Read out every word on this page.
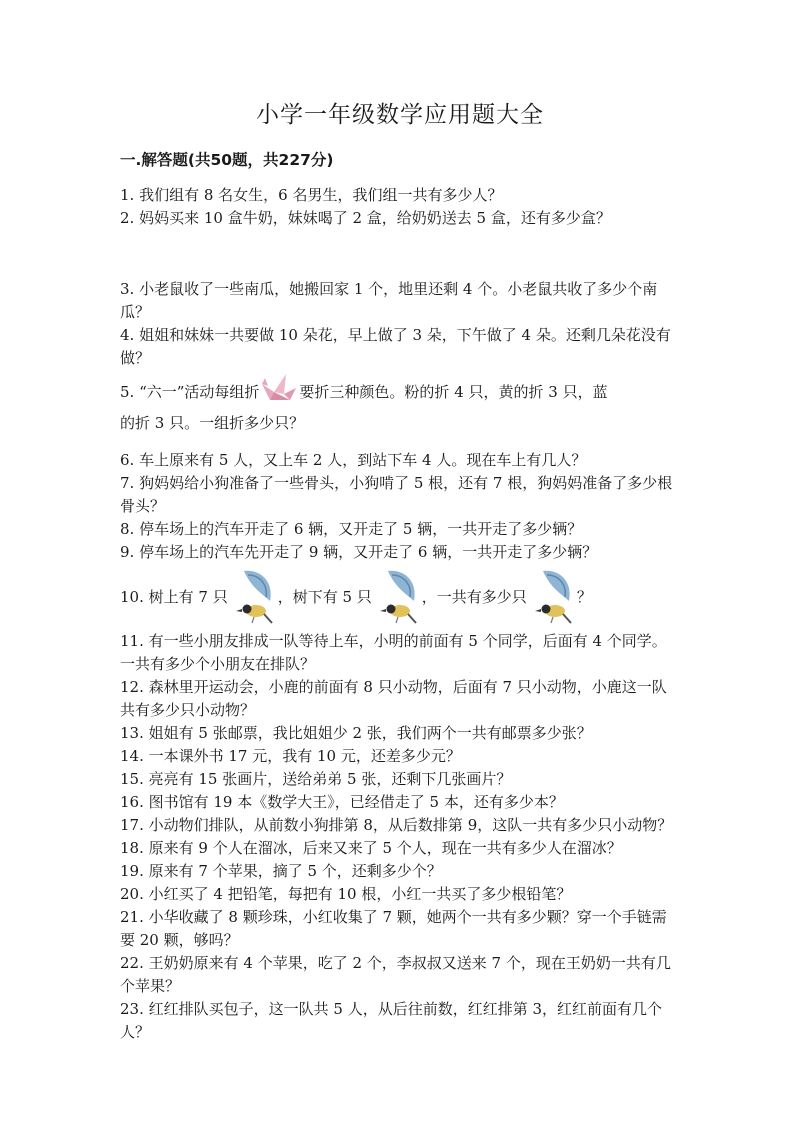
小学一年级数学应用题大全
一.解答题(共50题，共227分)

1. 我们组有 8 名女生，6 名男生，我们组一共有多少人？

2. 妈妈买来 10 盒牛奶，妹妹喝了 2 盒，给奶奶送去 5 盒，还有多少盒？

3. 小老鼠收了一些南瓜，她搬回家 1 个，地里还剩 4 个。小老鼠共收了多少个南瓜？

4. 姐姐和妹妹一共要做 10 朵花，早上做了 3 朵，下午做了 4 朵。还剩几朵花没有做？

5. “六一”活动每组折	要折三种颜色。粉的折 4 只，黄的折 3 只，蓝
的折 3 只。一组折多少只？

6. 车上原来有 5 人，又上车 2 人，到站下车 4 人。现在车上有几人？

7. 狗妈妈给小狗准备了一些骨头，小狗啃了 5 根，还有 7 根，狗妈妈准备了多少根骨头？

8. 停车场上的汽车开走了 6 辆，又开走了 5 辆，一共开走了多少辆？

9. 停车场上的汽车先开走了 9 辆，又开走了 6 辆，一共开走了多少辆？

10. 树上有 7 只	，树下有 5 只	，一共有多少只	？

11. 有一些小朋友排成一队等待上车，小明的前面有 5 个同学，后面有 4 个同学。一共有多少个小朋友在排队？

12. 森林里开运动会，小鹿的前面有 8 只小动物，后面有 7 只小动物，小鹿这一队共有多少只小动物？

13. 姐姐有 5 张邮票，我比姐姐少 2 张，我们两个一共有邮票多少张？

14. 一本课外书 17 元，我有 10 元，还差多少元？

15. 亮亮有 15 张画片，送给弟弟 5 张，还剩下几张画片？

16. 图书馆有 19 本《数学大王》，已经借走了 5 本，还有多少本？

17. 小动物们排队，从前数小狗排第 8，从后数排第 9，这队一共有多少只小动物？

18. 原来有 9 个人在溜冰，后来又来了 5 个人，现在一共有多少人在溜冰？

19. 原来有 7 个苹果，摘了 5 个，还剩多少个？

20. 小红买了 4 把铅笔，每把有 10 根，小红一共买了多少根铅笔？

21. 小华收藏了 8 颗珍珠，小红收集了 7 颗，她两个一共有多少颗？穿一个手链需要 20 颗，够吗？

22. 王奶奶原来有 4 个苹果，吃了 2 个，李叔叔又送来 7 个，现在王奶奶一共有几个苹果？

23. 红红排队买包子，这一队共 5 人，从后往前数，红红排第 3，红红前面有几个人？
